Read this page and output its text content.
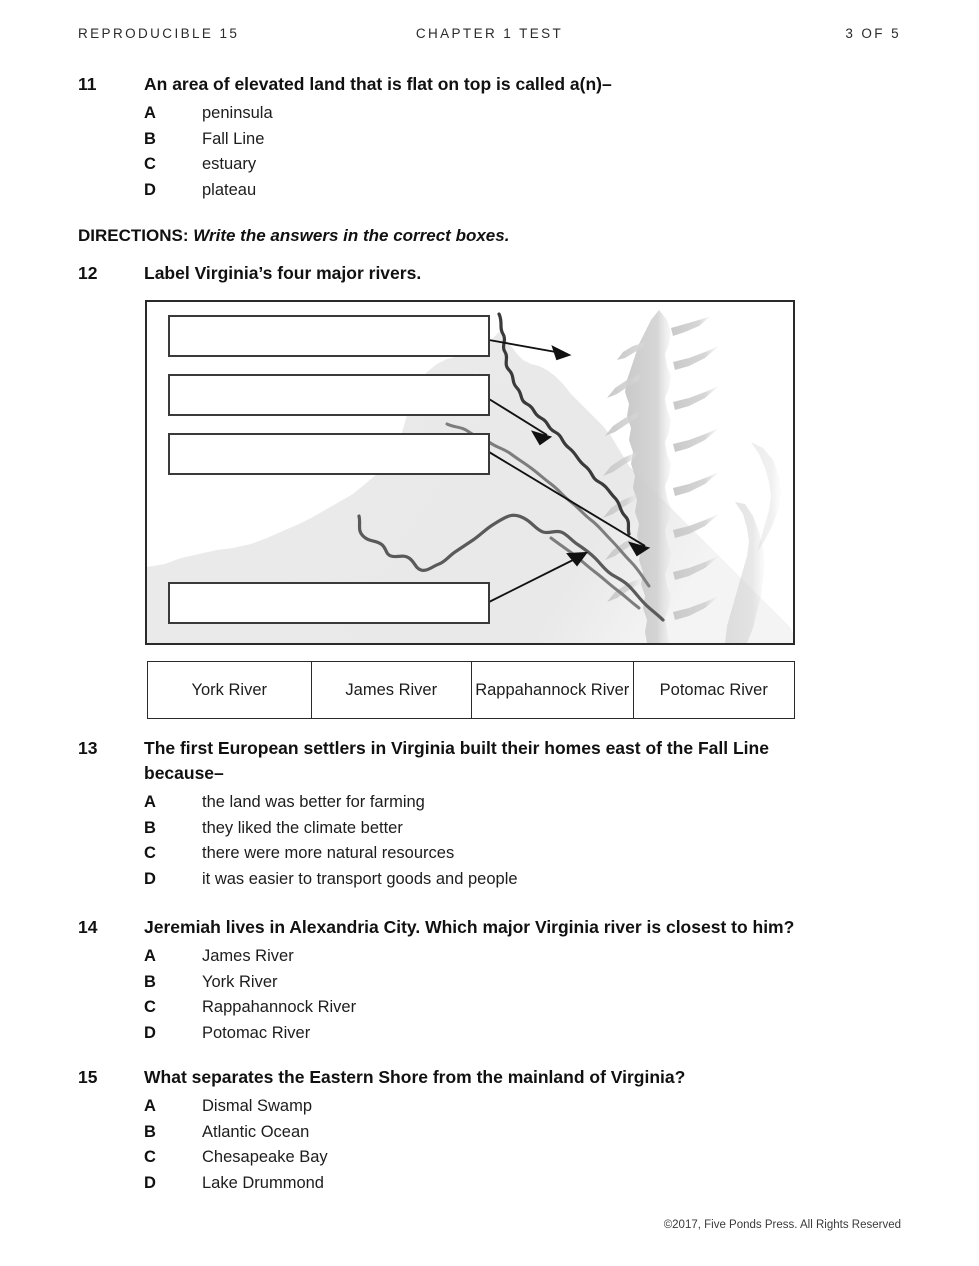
REPRODUCIBLE 15	CHAPTER 1 TEST	3 OF 5
11	An area of elevated land that is flat on top is called a(n)–
A	peninsula
B	Fall Line
C	estuary
D	plateau
DIRECTIONS: Write the answers in the correct boxes.
12	Label Virginia’s four major rivers.
York River	James River	Rappahannock River	Potomac River
13	The first European settlers in Virginia built their homes east of the Fall Line because–
A	the land was better for farming
B	they liked the climate better
C	there were more natural resources
D	it was easier to transport goods and people
14	Jeremiah lives in Alexandria City. Which major Virginia river is closest to him?
A	James River
B	York River
C	Rappahannock River
D	Potomac River
15	What separates the Eastern Shore from the mainland of Virginia?
A	Dismal Swamp
B	Atlantic Ocean
C	Chesapeake Bay
D	Lake Drummond
©2017, Five Ponds Press. All Rights Reserved
